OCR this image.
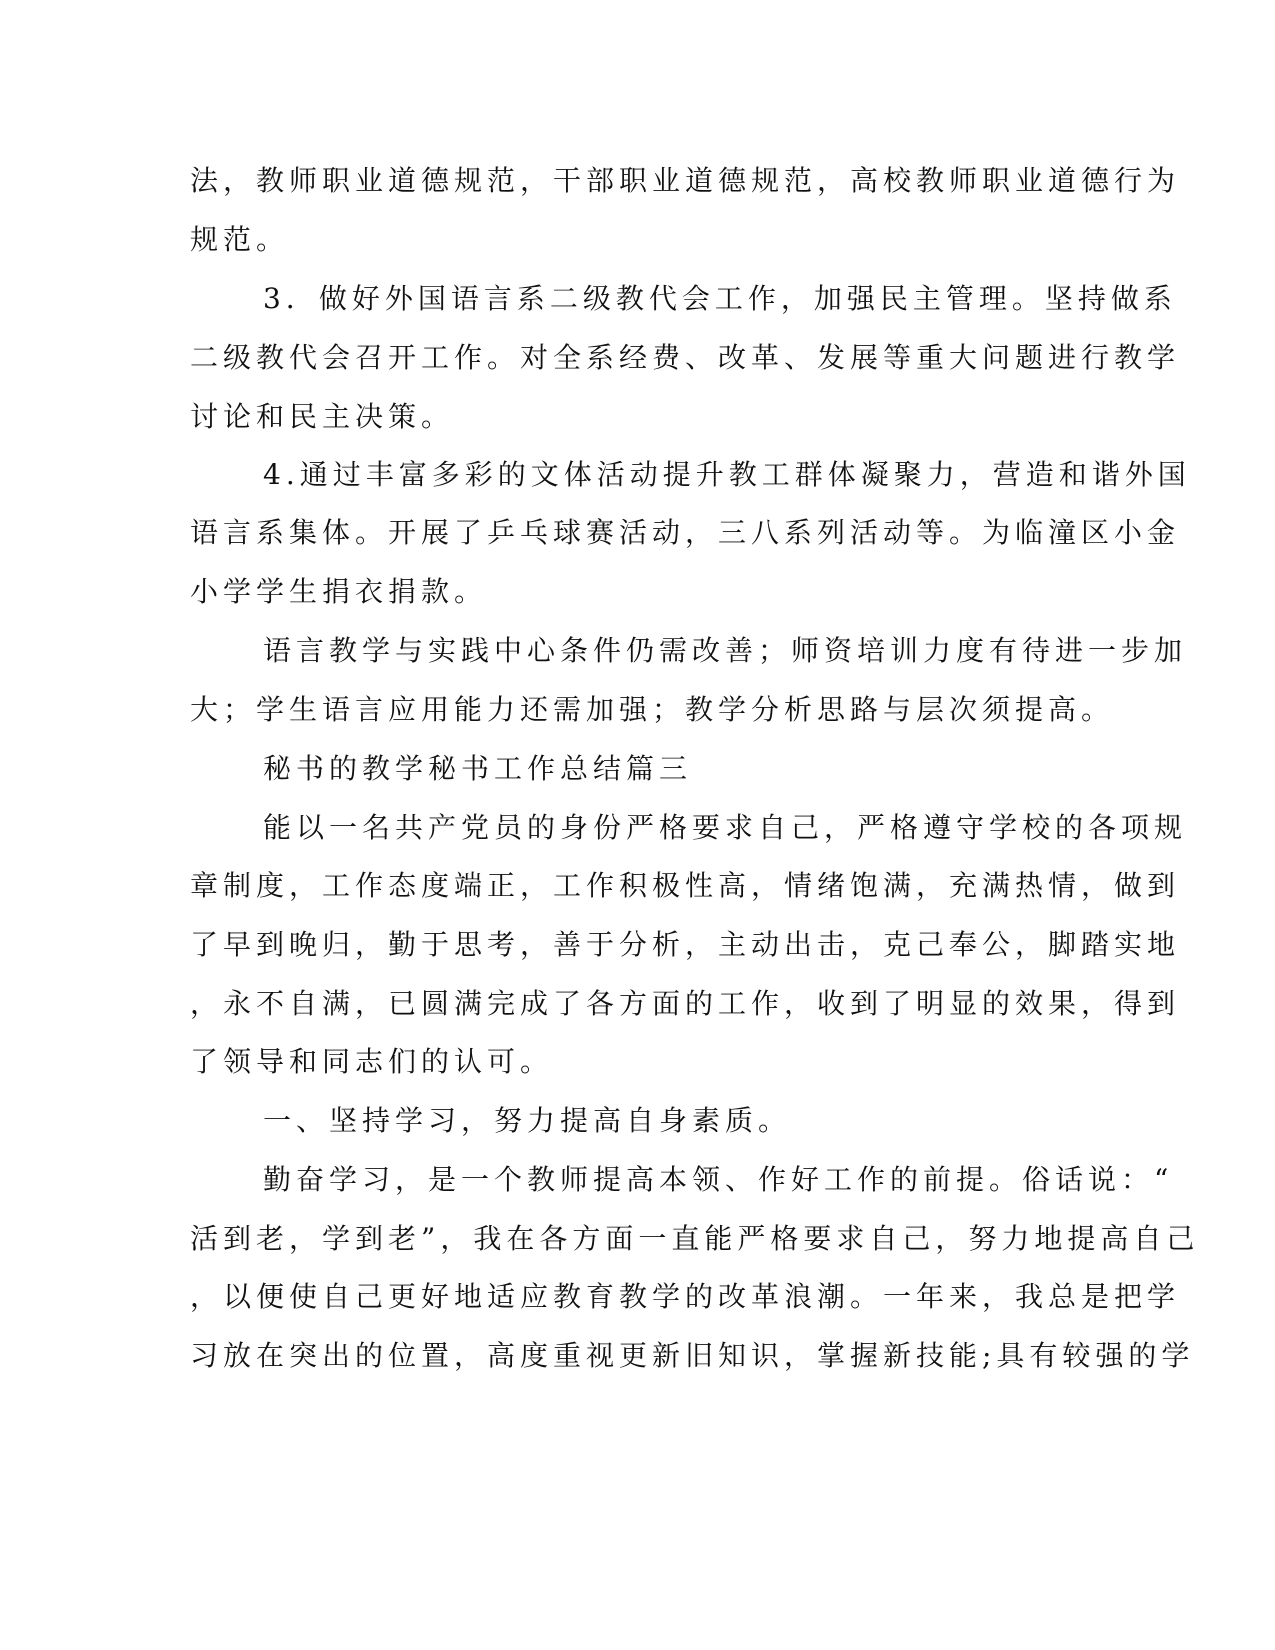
法，教师职业道德规范，干部职业道德规范，高校教师职业道德行为
规范。
3．做好外国语言系二级教代会工作，加强民主管理。坚持做系
二级教代会召开工作。对全系经费、改革、发展等重大问题进行教学
讨论和民主决策。
4.通过丰富多彩的文体活动提升教工群体凝聚力，营造和谐外国
语言系集体。开展了乒乓球赛活动，三八系列活动等。为临潼区小金
小学学生捐衣捐款。
语言教学与实践中心条件仍需改善；师资培训力度有待进一步加
大；学生语言应用能力还需加强；教学分析思路与层次须提高。
秘书的教学秘书工作总结篇三
能以一名共产党员的身份严格要求自己，严格遵守学校的各项规
章制度，工作态度端正，工作积极性高，情绪饱满，充满热情，做到
了早到晚归，勤于思考，善于分析，主动出击，克己奉公，脚踏实地
，永不自满，已圆满完成了各方面的工作，收到了明显的效果，得到
了领导和同志们的认可。
一、坚持学习，努力提高自身素质。
勤奋学习，是一个教师提高本领、作好工作的前提。俗话说：“
活到老，学到老”，我在各方面一直能严格要求自己，努力地提高自己
，以便使自己更好地适应教育教学的改革浪潮。一年来，我总是把学
习放在突出的位置，高度重视更新旧知识，掌握新技能;具有较强的学
